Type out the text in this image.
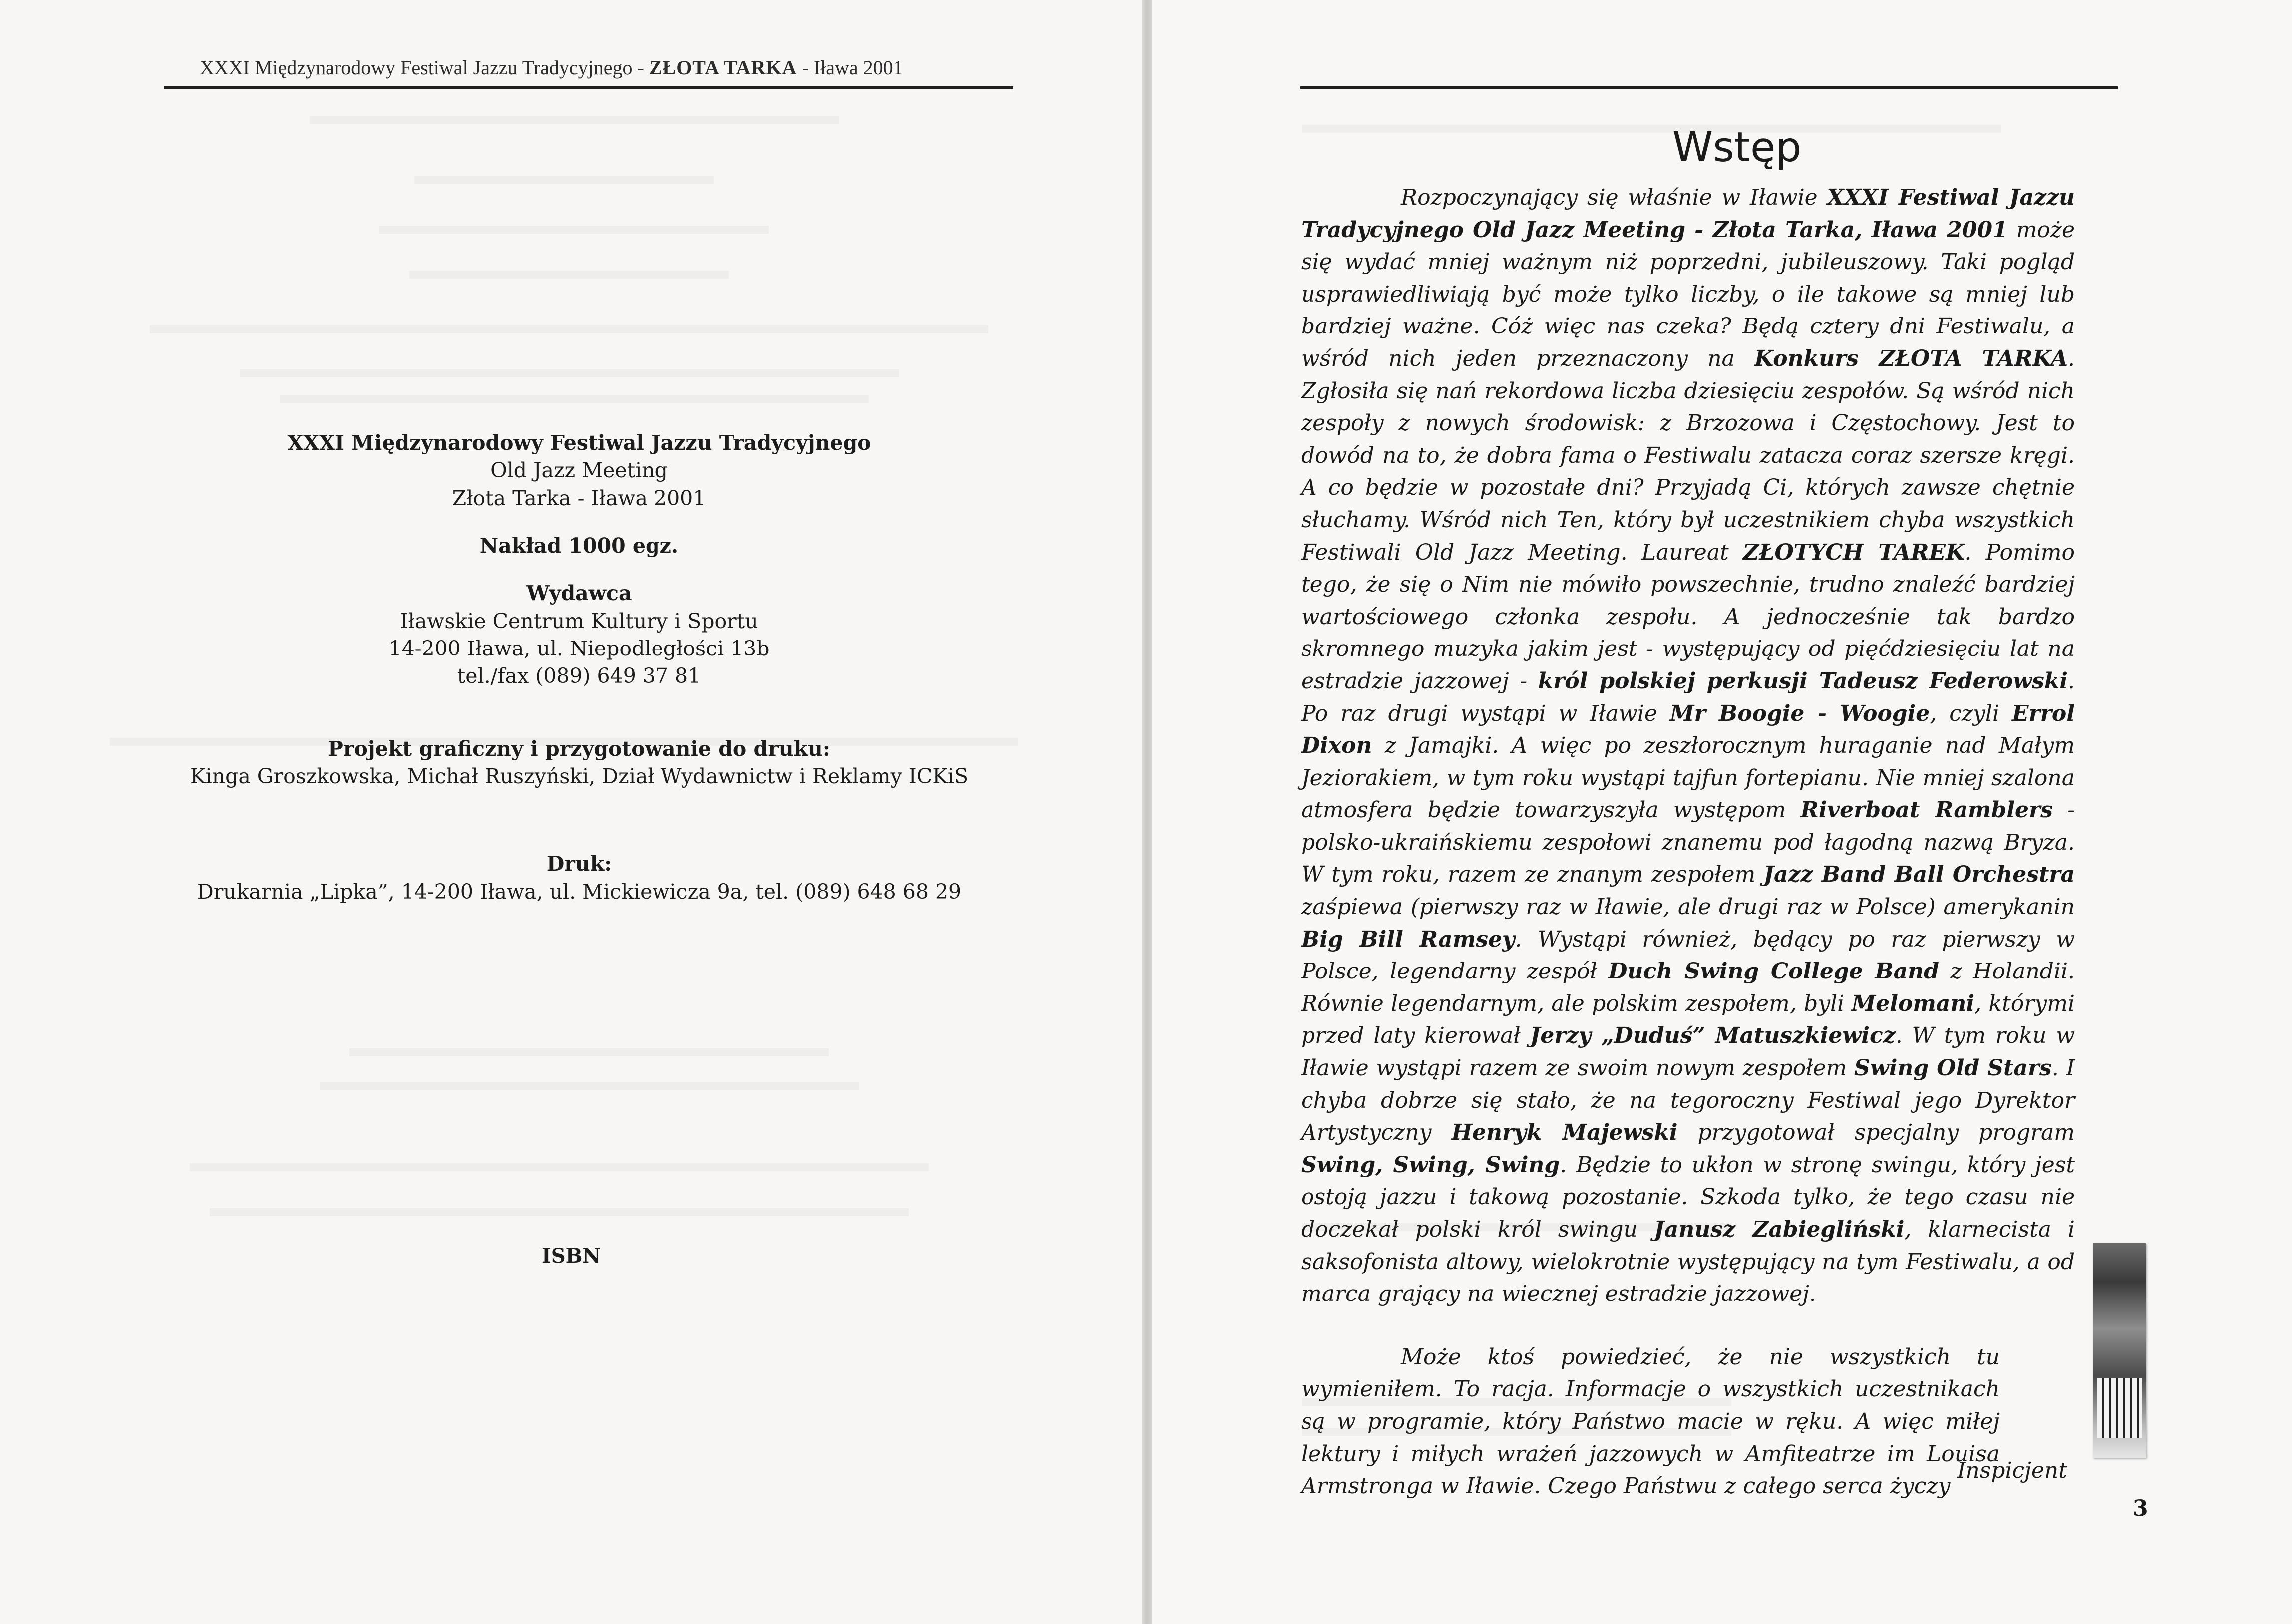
XXXI Międzynarodowy Festiwal Jazzu Tradycyjnego - ZŁOTA TARKA - Iława 2001

XXXI Międzynarodowy Festiwal Jazzu Tradycyjnego

Old Jazz Meeting

Złota Tarka - Iława 2001

Nakład 1000 egz.

Wydawca

Iławskie Centrum Kultury i Sportu

14-200 Iława, ul. Niepodległości 13b

tel./fax (089) 649 37 81

Projekt graficzny i przygotowanie do druku:

Kinga Groszkowska, Michał Ruszyński, Dział Wydawnictw i Reklamy ICKiS

Druk:

Drukarnia „Lipka”, 14-200 Iława, ul. Mickiewicza 9a, tel. (089) 648 68 29

ISBN
Wstęp

Rozpoczynający się właśnie w Iławie XXXI Festiwal Jazzu Tradycyjnego Old Jazz Meeting - Złota Tarka, Iława 2001 może się wydać mniej ważnym niż poprzedni, jubileuszowy. Taki pogląd usprawiedliwiają być może tylko liczby, o ile takowe są mniej lub bardziej ważne. Cóż więc nas czeka? Będą cztery dni Festiwalu, a wśród nich jeden przeznaczony na Konkurs ZŁOTA TARKA. Zgłosiła się nań rekordowa liczba dziesięciu zespołów. Są wśród nich zespoły z nowych środowisk: z Brzozowa i Częstochowy. Jest to dowód na to, że dobra fama o Festiwalu zatacza coraz szersze kręgi. A co będzie w pozostałe dni? Przyjadą Ci, których zawsze chętnie słuchamy. Wśród nich Ten, który był uczestnikiem chyba wszystkich Festiwali Old Jazz Meeting. Laureat ZŁOTYCH TAREK. Pomimo tego, że się o Nim nie mówiło powszechnie, trudno znaleźć bardziej wartościowego członka zespołu. A jednocześnie tak bardzo skromnego muzyka jakim jest - występujący od pięćdziesięciu lat na estradzie jazzowej - król polskiej perkusji Tadeusz Federowski. Po raz drugi wystąpi w Iławie Mr Boogie - Woogie, czyli Errol Dixon z Jamajki. A więc po zeszłorocznym huraganie nad Małym Jeziorakiem, w tym roku wystąpi tajfun fortepianu. Nie mniej szalona atmosfera będzie towarzyszyła występom Riverboat Ramblers - polsko-ukraińskiemu zespołowi znanemu pod łagodną nazwą Bryza. W tym roku, razem ze znanym zespołem Jazz Band Ball Orchestra zaśpiewa (pierwszy raz w Iławie, ale drugi raz w Polsce) amerykanin Big Bill Ramsey. Wystąpi również, będący po raz pierwszy w Polsce, legendarny zespół Duch Swing College Band z Holandii. Równie legendarnym, ale polskim zespołem, byli Melomani, którymi przed laty kierował Jerzy „Duduś” Matuszkiewicz. W tym roku w Iławie wystąpi razem ze swoim nowym zespołem Swing Old Stars. I chyba dobrze się stało, że na tegoroczny Festiwal jego Dyrektor Artystyczny Henryk Majewski przygotował specjalny program Swing, Swing, Swing. Będzie to ukłon w stronę swingu, który jest ostoją jazzu i takową pozostanie. Szkoda tylko, że tego czasu nie doczekał polski król swingu Janusz Zabiegliński, klarnecista i saksofonista altowy, wielokrotnie występujący na tym Festiwalu, a od marca grający na wiecznej estradzie jazzowej.

Może ktoś powiedzieć, że nie wszystkich tu wymieniłem. To racja. Informacje o wszystkich uczestnikach są w programie, który Państwo macie w ręku. A więc miłej lektury i miłych wrażeń jazzowych w Amfiteatrze im Louisa Armstronga w Iławie. Czego Państwu z całego serca życzy

Inspicjent
3
